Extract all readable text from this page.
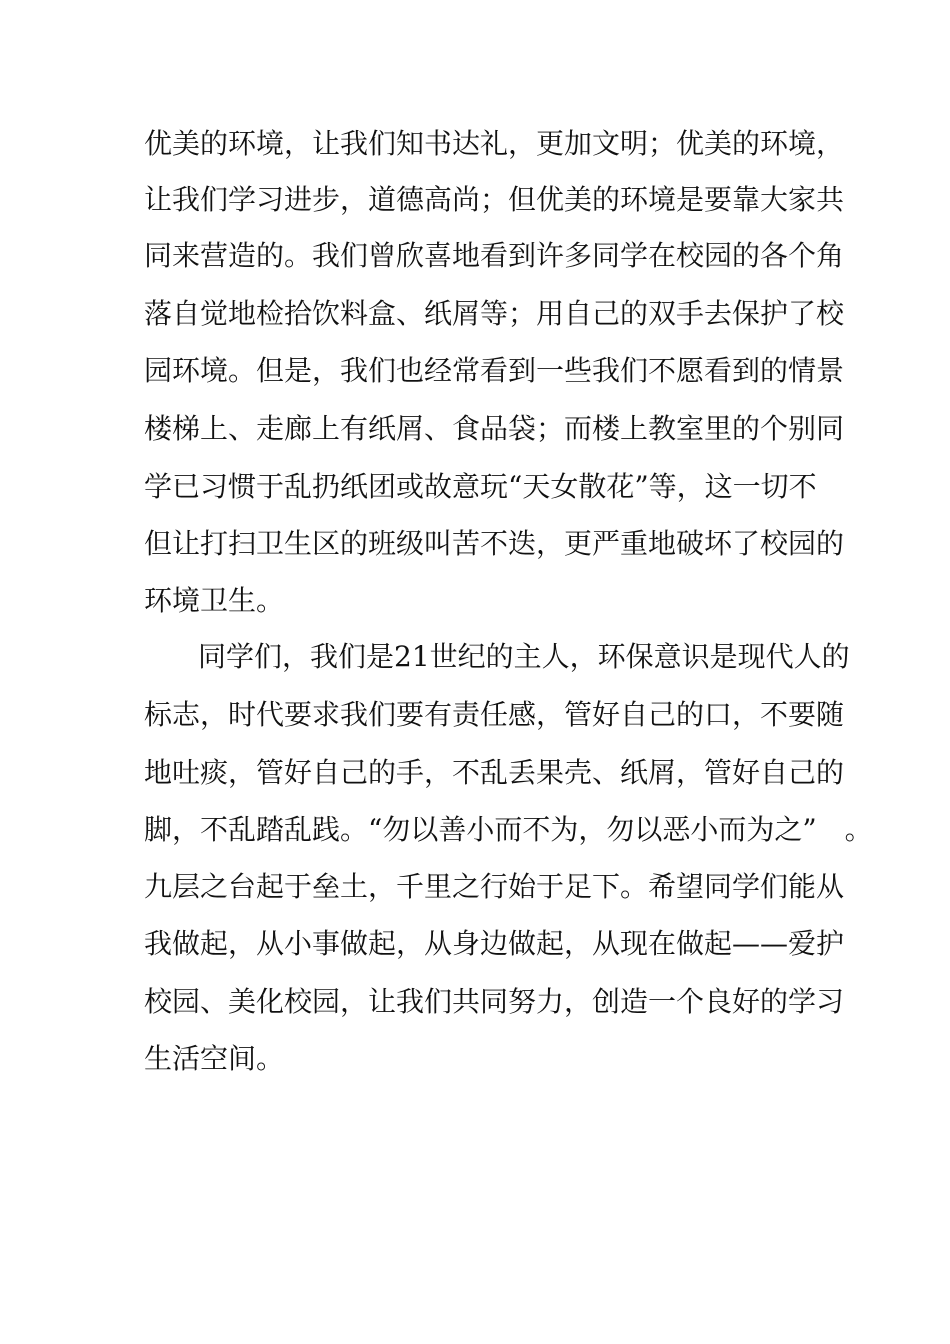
优美的环境，让我们知书达礼，更加文明；优美的环境，
让我们学习进步，道德高尚；但优美的环境是要靠大家共
同来营造的。我们曾欣喜地看到许多同学在校园的各个角
落自觉地检拾饮料盒、纸屑等；用自己的双手去保护了校
园环境。但是，我们也经常看到一些我们不愿看到的情景
楼梯上、走廊上有纸屑、食品袋；而楼上教室里的个别同
学已习惯于乱扔纸团或故意玩“天女散花”等，这一切不
但让打扫卫生区的班级叫苦不迭，更严重地破坏了校园的
环境卫生。
同学们，我们是21世纪的主人，环保意识是现代人的
标志，时代要求我们要有责任感，管好自己的口，不要随
地吐痰，管好自己的手，不乱丢果壳、纸屑，管好自己的
脚，不乱踏乱践。“勿以善小而不为，勿以恶小而为之”　。
九层之台起于垒土，千里之行始于足下。希望同学们能从
我做起，从小事做起，从身边做起，从现在做起——爱护
校园、美化校园，让我们共同努力，创造一个良好的学习
生活空间。
